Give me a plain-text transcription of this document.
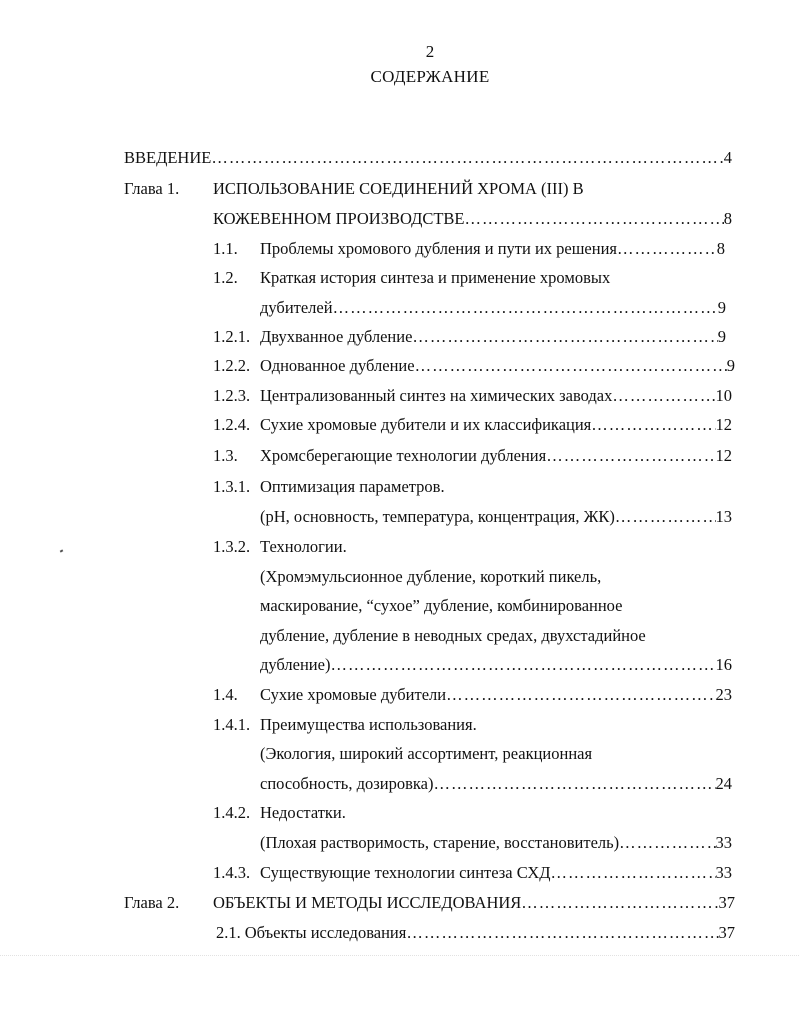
2
СОДЕРЖАНИЕ
ВВЕДЕНИЕ …………………………………………………………………………………………………………………………	4
Глава 1. ИСПОЛЬЗОВАНИЕ СОЕДИНЕНИЙ ХРОМА (III) В
КОЖЕВЕННОМ ПРОИЗВОДСТВЕ …………………………………………………………………………………………………………………………	8
1.1. Проблемы хромового дубления и пути их решения …………………………………………………………………………………………………………………………	8
1.2. Краткая история синтеза и применение хромовых
дубителей …………………………………………………………………………………………………………………………	9
1.2.1. Двухванное дубление …………………………………………………………………………………………………………………………	9
1.2.2. Однованное дубление …………………………………………………………………………………………………………………………	9
1.2.3. Централизованный синтез на химических заводах …………………………………………………………………………………………………………………………	10
1.2.4. Сухие хромовые дубители и их классификация …………………………………………………………………………………………………………………………	12
1.3. Хромсберегающие технологии дубления …………………………………………………………………………………………………………………………	12
1.3.1. Оптимизация параметров.
(pH, основность, температура, концентрация, ЖК) …………………………………………………………………………………………………………………………	13
1.3.2. Технологии.
(Хромэмульсионное дубление, короткий пикель,
маскирование, “сухое” дубление, комбинированное
дубление, дубление в неводных средах, двухстадийное
дубление) …………………………………………………………………………………………………………………………	16
1.4. Сухие хромовые дубители …………………………………………………………………………………………………………………………	23
1.4.1. Преимущества использования.
(Экология, широкий ассортимент, реакционная
способность, дозировка) …………………………………………………………………………………………………………………………	24
1.4.2. Недостатки.
(Плохая растворимость, старение, восстановитель) …………………………………………………………………………………………………………………………	33
1.4.3. Существующие технологии синтеза СХД …………………………………………………………………………………………………………………………	33
Глава 2. ОБЪЕКТЫ И МЕТОДЫ ИССЛЕДОВАНИЯ …………………………………………………………………………………………………………………………	37
2.1. Объекты исследования …………………………………………………………………………………………………………………………	37
